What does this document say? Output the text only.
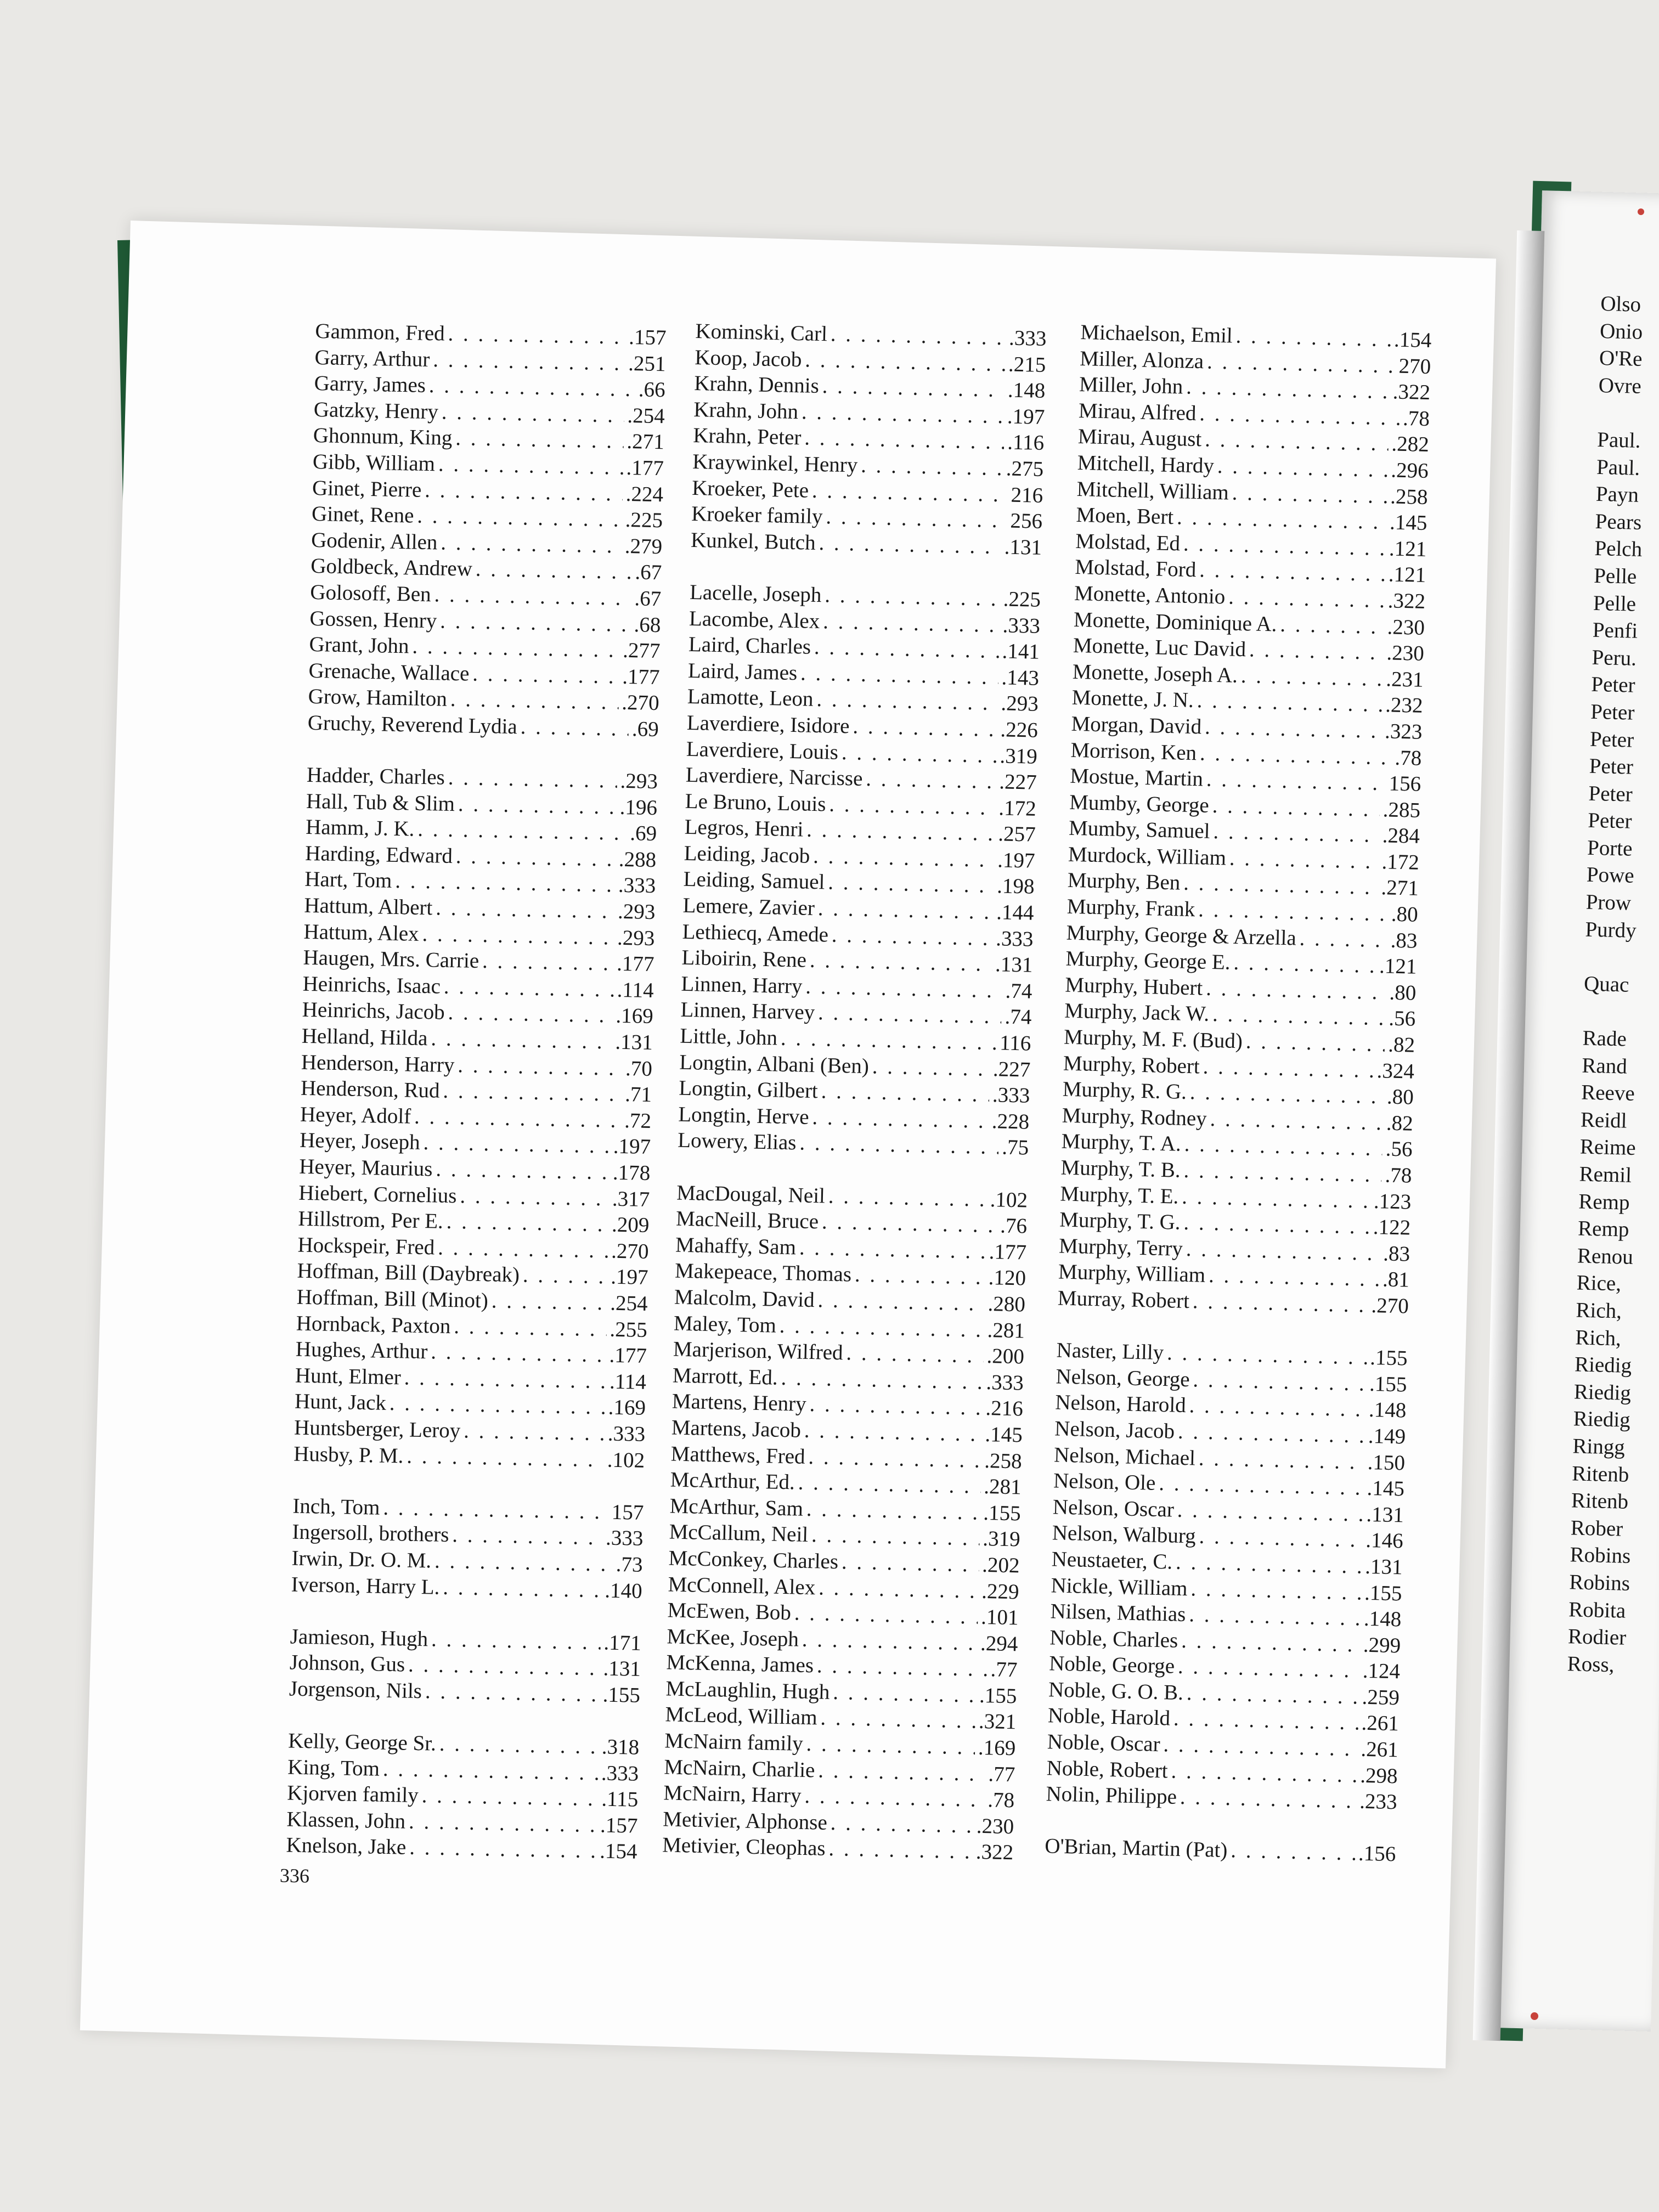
Gammon, Fred . . .	.157
Garry, Arthur . . .	.251
Garry, James . . .	.66
Gatzky, Henry . . .	.254
Ghonnum, King . . .	.271
Gibb, William . . .	.177
Ginet, Pierre . . .	.224
Ginet, Rene . . .	.225
Godenir, Allen . . .	.279
Goldbeck, Andrew . . .	.67
Golosoff, Ben . . .	.67
Gossen, Henry . . .	.68
Grant, John . . .	.277
Grenache, Wallace . . .	.177
Grow, Hamilton . . .	.270
Gruchy, Reverend Lydia . . .	.69
Hadder, Charles . . .	.293
Hall, Tub & Slim . . .	.196
Hamm, J. K. . . .	.69
Harding, Edward . . .	.288
Hart, Tom . . .	.333
Hattum, Albert . . .	.293
Hattum, Alex . . .	.293
Haugen, Mrs. Carrie . . .	.177
Heinrichs, Isaac . . .	.114
Heinrichs, Jacob . . .	.169
Helland, Hilda . . .	.131
Henderson, Harry . . .	.70
Henderson, Rud . . .	.71
Heyer, Adolf . . .	.72
Heyer, Joseph . . .	.197
Heyer, Maurius . . .	.178
Hiebert, Cornelius . . .	.317
Hillstrom, Per E. . . .	.209
Hockspeir, Fred . . .	.270
Hoffman, Bill (Daybreak) . . .	.197
Hoffman, Bill (Minot) . . .	.254
Hornback, Paxton . . .	.255
Hughes, Arthur . . .	.177
Hunt, Elmer . . .	.114
Hunt, Jack . . .	.169
Huntsberger, Leroy . . .	.333
Husby, P. M. . . .	.102
Inch, Tom . . .	157
Ingersoll, brothers . . .	.333
Irwin, Dr. O. M. . . .	.73
Iverson, Harry L. . . .	.140
Jamieson, Hugh . . .	.171
Johnson, Gus . . .	.131
Jorgenson, Nils . . .	.155
Kelly, George Sr. . . .	.318
King, Tom . . .	.333
Kjorven family . . .	.115
Klassen, John . . .	.157
Knelson, Jake . . .	.154
Kominski, Carl . . .	.333
Koop, Jacob . . .	.215
Krahn, Dennis . . .	.148
Krahn, John . . .	.197
Krahn, Peter . . .	.116
Kraywinkel, Henry . . .	.275
Kroeker, Pete . . .	216
Kroeker family . . .	256
Kunkel, Butch . . .	.131
Lacelle, Joseph . . .	.225
Lacombe, Alex . . .	.333
Laird, Charles . . .	.141
Laird, James . . .	.143
Lamotte, Leon . . .	.293
Laverdiere, Isidore . . .	.226
Laverdiere, Louis . . .	.319
Laverdiere, Narcisse . . .	.227
Le Bruno, Louis . . .	.172
Legros, Henri . . .	.257
Leiding, Jacob . . .	.197
Leiding, Samuel . . .	.198
Lemere, Zavier . . .	.144
Lethiecq, Amede . . .	.333
Liboirin, Rene . . .	.131
Linnen, Harry . . .	.74
Linnen, Harvey . . .	.74
Little, John . . .	116
Longtin, Albani (Ben) . . .	.227
Longtin, Gilbert . . .	.333
Longtin, Herve . . .	.228
Lowery, Elias . . .	.75
MacDougal, Neil . . .	.102
MacNeill, Bruce . . .	.76
Mahaffy, Sam . . .	.177
Makepeace, Thomas . . .	.120
Malcolm, David . . .	.280
Maley, Tom . . .	.281
Marjerison, Wilfred . . .	.200
Marrott, Ed. . . .	.333
Martens, Henry . . .	.216
Martens, Jacob . . .	.145
Matthews, Fred . . .	.258
McArthur, Ed. . . .	.281
McArthur, Sam . . .	.155
McCallum, Neil . . .	.319
McConkey, Charles . . .	.202
McConnell, Alex . . .	.229
McEwen, Bob . . .	.101
McKee, Joseph . . .	.294
McKenna, James . . .	.77
McLaughlin, Hugh . . .	.155
McLeod, William . . .	.321
McNairn family . . .	.169
McNairn, Charlie . . .	.77
McNairn, Harry . . .	.78
Metivier, Alphonse . . .	.230
Metivier, Cleophas . . .	.322
Michaelson, Emil . . .	.154
Miller, Alonza . . .	270
Miller, John . . .	.322
Mirau, Alfred . . .	.78
Mirau, August . . .	.282
Mitchell, Hardy . . .	.296
Mitchell, William . . .	.258
Moen, Bert . . .	.145
Molstad, Ed . . .	.121
Molstad, Ford . . .	.121
Monette, Antonio . . .	.322
Monette, Dominique A. . . .	.230
Monette, Luc David . . .	.230
Monette, Joseph A. . . .	.231
Monette, J. N. . . .	.232
Morgan, David . . .	.323
Morrison, Ken . . .	.78
Mostue, Martin . . .	156
Mumby, George . . .	.285
Mumby, Samuel . . .	.284
Murdock, William . . .	.172
Murphy, Ben . . .	.271
Murphy, Frank . . .	.80
Murphy, George & Arzella . . .	.83
Murphy, George E. . . .	.121
Murphy, Hubert . . .	.80
Murphy, Jack W. . . .	.56
Murphy, M. F. (Bud) . . .	.82
Murphy, Robert . . .	.324
Murphy, R. G. . . .	.80
Murphy, Rodney . . .	.82
Murphy, T. A. . . .	.56
Murphy, T. B. . . .	.78
Murphy, T. E. . . .	.123
Murphy, T. G. . . .	.122
Murphy, Terry . . .	.83
Murphy, William . . .	.81
Murray, Robert . . .	.270
Naster, Lilly . . .	.155
Nelson, George . . .	.155
Nelson, Harold . . .	.148
Nelson, Jacob . . .	.149
Nelson, Michael . . .	.150
Nelson, Ole . . .	.145
Nelson, Oscar . . .	.131
Nelson, Walburg . . .	.146
Neustaeter, C. . . .	.131
Nickle, William . . .	.155
Nilsen, Mathias . . .	.148
Noble, Charles . . .	.299
Noble, George . . .	.124
Noble, G. O. B. . . .	.259
Noble, Harold . . .	.261
Noble, Oscar . . .	.261
Noble, Robert . . .	.298
Nolin, Philippe . . .	.233
O'Brian, Martin (Pat) . . .	.156
Olso
Onio
O'Re
Ovre
Paul.
Paul.
Payn
Pears
Pelch
Pelle
Pelle
Penfi
Peru.
Peter
Peter
Peter
Peter
Peter
Peter
Porte
Powe
Prow
Purdy
Quac
Rade
Rand
Reeve
Reidl
Reime
Remil
Remp
Remp
Renou
Rice,
Rich,
Rich,
Riedig
Riedig
Riedig
Ringg
Ritenb
Ritenb
Rober
Robins
Robins
Robita
Rodier
Ross,
336
